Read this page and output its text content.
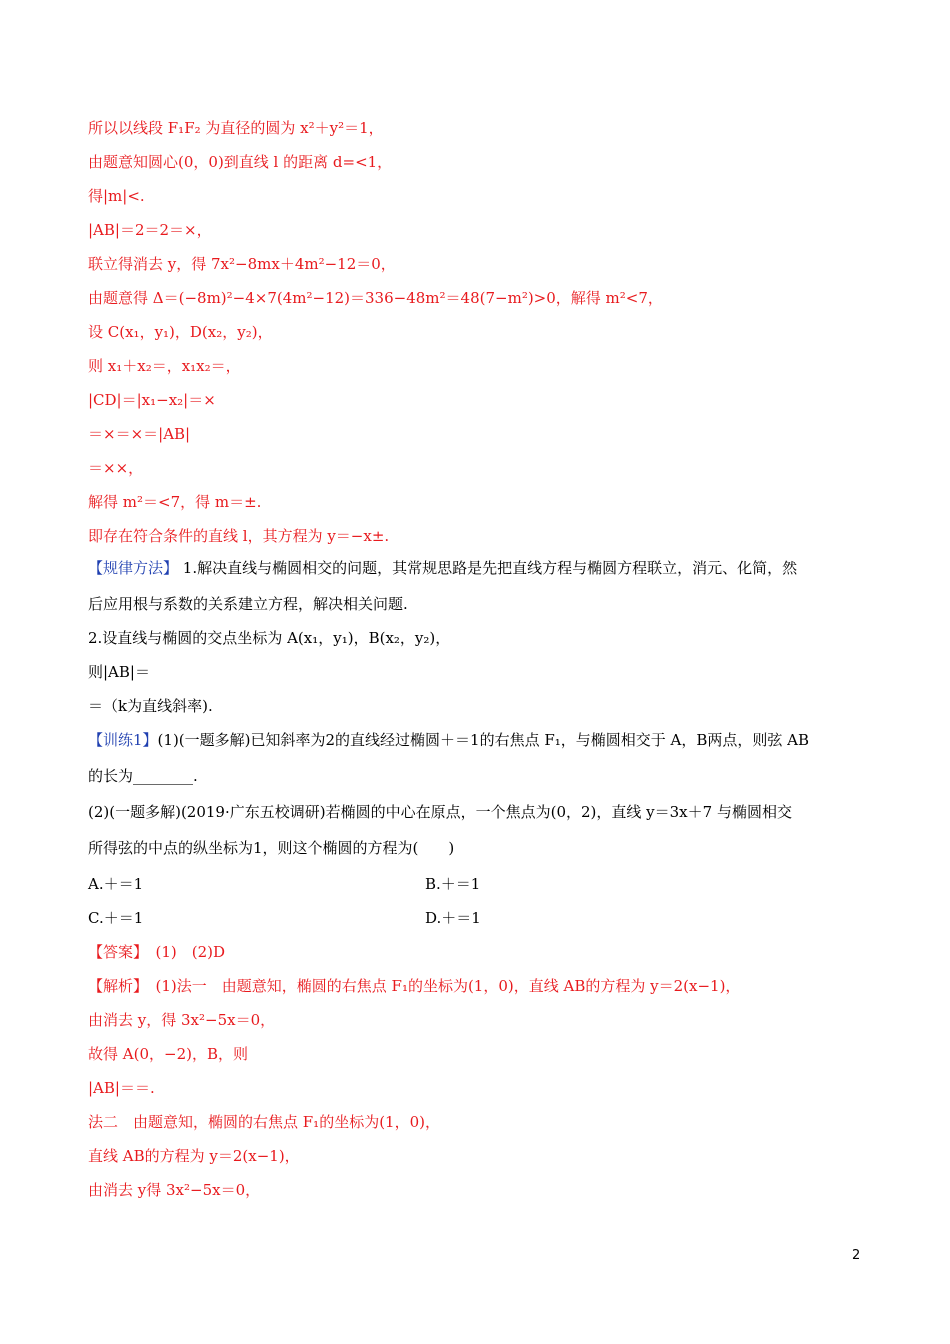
所以以线段 F₁F₂ 为直径的圆为 x²＋y²＝1，
由题意知圆心(0，0)到直线 l 的距离 d=<1，
得|m|<.
|AB|＝2＝2＝×，
联立得消去 y，得 7x²−8mx＋4m²−12＝0，
由题意得 Δ＝(−8m)²−4×7(4m²−12)＝336−48m²＝48(7−m²)>0，解得 m²<7，
设 C(x₁，y₁)，D(x₂，y₂)，
则 x₁＋x₂＝，x₁x₂＝，
|CD|＝|x₁−x₂|＝×
＝×＝×＝|AB|
＝××，
解得 m²＝<7，得 m＝±.
即存在符合条件的直线 l，其方程为 y＝−x±.
【规律方法】 1.解决直线与椭圆相交的问题，其常规思路是先把直线方程与椭圆方程联立，消元、化简，然
后应用根与系数的关系建立方程，解决相关问题.
2.设直线与椭圆的交点坐标为 A(x₁，y₁)，B(x₂，y₂)，
则|AB|＝
＝（k为直线斜率).
【训练1】(1)(一题多解)已知斜率为2的直线经过椭圆＋＝1的右焦点 F₁，与椭圆相交于 A，B两点，则弦 AB
的长为________.
(2)(一题多解)(2019·广东五校调研)若椭圆的中心在原点，一个焦点为(0，2)，直线 y＝3x＋7 与椭圆相交
所得弦的中点的纵坐标为1，则这个椭圆的方程为(　　)
A.＋＝1	B.＋＝1
C.＋＝1	D.＋＝1
【答案】　(1)　(2)D
【解析】　(1)法一　由题意知，椭圆的右焦点 F₁的坐标为(1，0)，直线 AB的方程为 y＝2(x−1)，
由消去 y，得 3x²−5x＝0，
故得 A(0，−2)，B，则
|AB|＝＝.
法二　由题意知，椭圆的右焦点 F₁的坐标为(1，0)，
直线 AB的方程为 y＝2(x−1)，
由消去 y得 3x²−5x＝0，
2
